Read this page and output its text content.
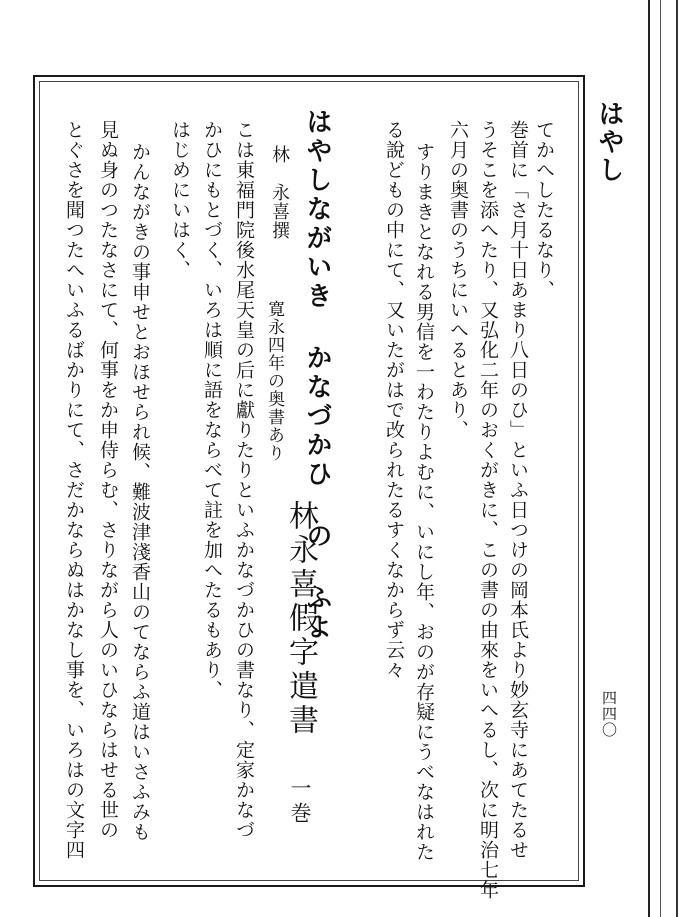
はやし
四四〇
てかへしたるなり、
巻首に「さ月十日あまり八日のひ」といふ日つけの岡本氏より妙玄寺にあてたるせ
うそこを添へたり、又弘化二年のおくがきに、この書の由來をいへるし、次に明治七年
六月の奥書のうちにいへるとあり、
すりまきとなれる男信を一わたりよむに、いにし年、おのが存疑にうべなはれた
る說どもの中にて、又いたがはで改られたるすくなからず云々
はやしながいき かなづかひ の ふよ
林永喜假字遣書 一巻
林　永喜撰
寛永四年の奥書あり
こは東福門院後水尾天皇の后に獻りたりといふかなづかひの書なり、定家かなづ
かひにもとづく、いろは順に語をならべて註を加へたるもあり、
はじめにいはく、
かんながきの事申せとおほせられ候、難波津淺香山のてならふ道はいさふみも
見ぬ身のつたなさにて、何事をか申侍らむ、さりながら人のいひならはせる世の
とぐさを聞つたへいふるばかりにて、さだかならぬはかなし事を、いろはの文字四
